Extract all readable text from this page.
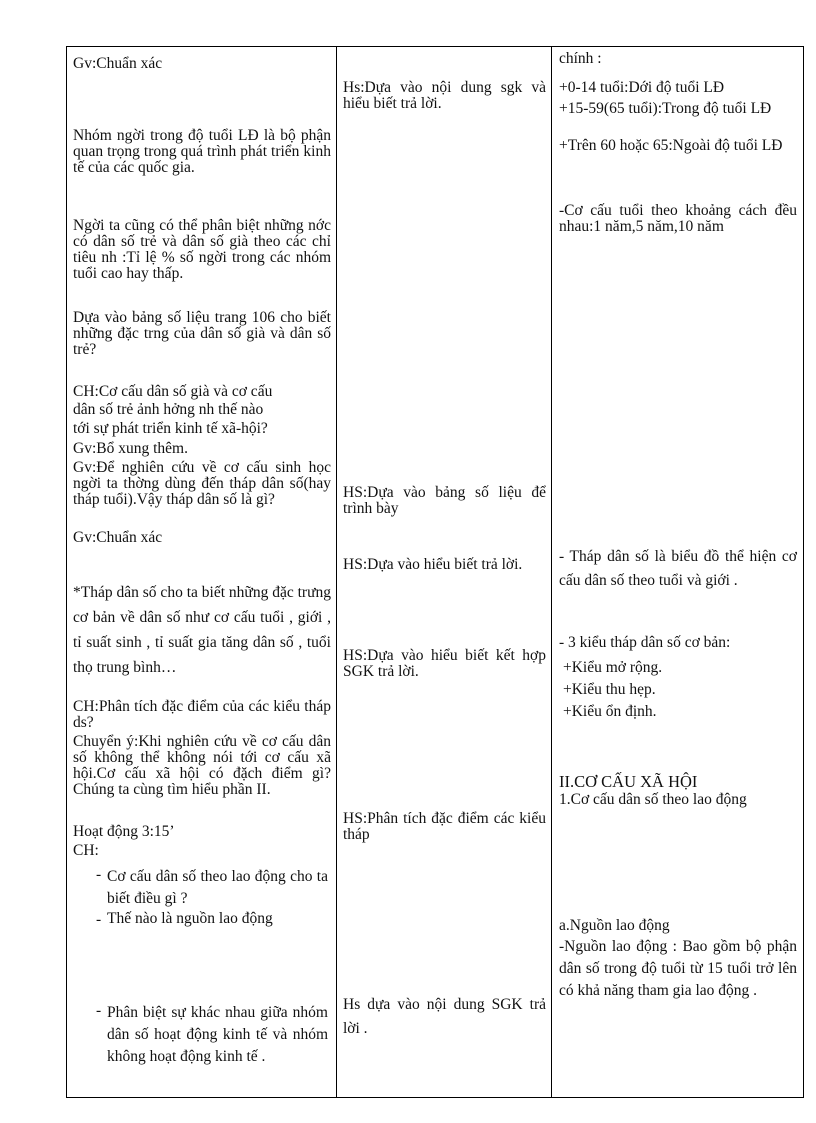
Gv:Chuẩn xác
Nhóm ngời trong độ tuổi LĐ là bộ phận quan trọng trong quá trình phát triển kinh tế của các quốc gia.
Ngời ta cũng có thể phân biệt những nớc có dân số trẻ và dân số già theo các chỉ tiêu nh :Tỉ lệ % số ngời trong các nhóm tuổi cao hay thấp.
Dựa vào bảng số liệu trang 106 cho biết những đặc trng của dân số già và dân số trẻ?
CH:Cơ cấu dân số già và cơ cấu
dân số trẻ ảnh hởng nh thế nào
tới sự phát triển kinh tế xã-hội?
Gv:Bổ xung thêm.
Gv:Để nghiên cứu về cơ cấu sinh học ngời ta thờng dùng đến tháp dân số(hay tháp tuổi).Vậy tháp dân số là gì?
Gv:Chuẩn xác
*Tháp dân số cho ta biết những đặc trưng cơ bản về dân số như cơ cấu tuổi , giới , tỉ suất sinh , tỉ suất gia tăng dân số , tuổi thọ trung bình…
CH:Phân tích đặc điểm của các kiểu tháp ds?
Chuyển ý:Khi nghiên cứu về cơ cấu dân số không thể không nói tới cơ cấu xã hội.Cơ cấu xã hội có đặch điểm gì?Chúng ta cùng tìm hiểu phần II.
Hoạt động 3:15’
CH:
- Cơ cấu dân số theo lao động cho ta biết điều gì ?
- Thế nào là nguồn lao động
- Phân biệt sự khác nhau giữa nhóm dân số hoạt động kinh tế và nhóm không hoạt động kinh tế .
Hs:Dựa vào nội dung sgk và hiểu biết trả lời.
HS:Dựa vào bảng số liệu để trình bày
HS:Dựa vào hiểu biết trả lời.
HS:Dựa vào hiểu biết kết hợp SGK trả lời.
HS:Phân tích đặc điểm các kiểu tháp
Hs dựa vào nội dung SGK trả lời .
chính :
+0-14 tuổi:Dới độ tuổi LĐ
+15-59(65 tuổi):Trong độ tuổi LĐ
+Trên 60 hoặc 65:Ngoài độ tuổi LĐ
-Cơ cấu tuổi theo khoảng cách đều nhau:1 năm,5 năm,10 năm
- Tháp dân số là biểu đồ thể hiện cơ cấu dân số theo tuổi và giới .
- 3 kiểu tháp dân số cơ bản:
+Kiểu mở rộng.
+Kiểu thu hẹp.
+Kiểu ổn định.
II.CƠ CẤU XÃ HỘI
1.Cơ cấu dân số theo lao động
a.Nguồn lao động
-Nguồn lao động : Bao gồm bộ phận dân số trong độ tuổi từ 15 tuổi trở lên có khả năng tham gia lao động .
